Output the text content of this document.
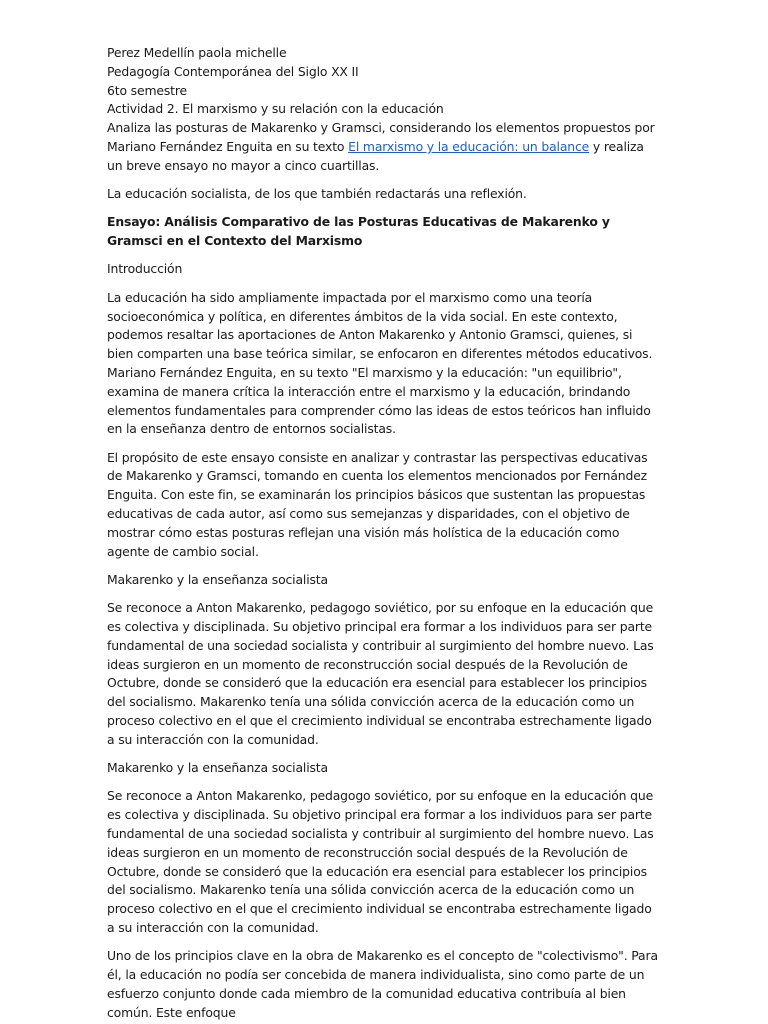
Perez Medellín paola michelle

Pedagogía Contemporánea del Siglo XX II

6to semestre

Actividad 2. El marxismo y su relación con la educación

Analiza las posturas de Makarenko y Gramsci, considerando los elementos propuestos por Mariano Fernández Enguita en su texto El marxismo y la educación: un balance y realiza un breve ensayo no mayor a cinco cuartillas.

La educación socialista, de los que también redactarás una reflexión.

Ensayo: Análisis Comparativo de las Posturas Educativas de Makarenko y Gramsci en el Contexto del Marxismo

Introducción

La educación ha sido ampliamente impactada por el marxismo como una teoría socioeconómica y política, en diferentes ámbitos de la vida social. En este contexto, podemos resaltar las aportaciones de Anton Makarenko y Antonio Gramsci, quienes, si bien comparten una base teórica similar, se enfocaron en diferentes métodos educativos. Mariano Fernández Enguita, en su texto "El marxismo y la educación: "un equilibrio", examina de manera crítica la interacción entre el marxismo y la educación, brindando elementos fundamentales para comprender cómo las ideas de estos teóricos han influido en la enseñanza dentro de entornos socialistas.

El propósito de este ensayo consiste en analizar y contrastar las perspectivas educativas de Makarenko y Gramsci, tomando en cuenta los elementos mencionados por Fernández Enguita. Con este fin, se examinarán los principios básicos que sustentan las propuestas educativas de cada autor, así como sus semejanzas y disparidades, con el objetivo de mostrar cómo estas posturas reflejan una visión más holística de la educación como agente de cambio social.

Makarenko y la enseñanza socialista

Se reconoce a Anton Makarenko, pedagogo soviético, por su enfoque en la educación que es colectiva y disciplinada. Su objetivo principal era formar a los individuos para ser parte fundamental de una sociedad socialista y contribuir al surgimiento del hombre nuevo. Las ideas surgieron en un momento de reconstrucción social después de la Revolución de Octubre, donde se consideró que la educación era esencial para establecer los principios del socialismo. Makarenko tenía una sólida convicción acerca de la educación como un proceso colectivo en el que el crecimiento individual se encontraba estrechamente ligado a su interacción con la comunidad.

Makarenko y la enseñanza socialista

Se reconoce a Anton Makarenko, pedagogo soviético, por su enfoque en la educación que es colectiva y disciplinada. Su objetivo principal era formar a los individuos para ser parte fundamental de una sociedad socialista y contribuir al surgimiento del hombre nuevo. Las ideas surgieron en un momento de reconstrucción social después de la Revolución de Octubre, donde se consideró que la educación era esencial para establecer los principios del socialismo. Makarenko tenía una sólida convicción acerca de la educación como un proceso colectivo en el que el crecimiento individual se encontraba estrechamente ligado a su interacción con la comunidad.

Uno de los principios clave en la obra de Makarenko es el concepto de "colectivismo". Para él, la educación no podía ser concebida de manera individualista, sino como parte de un esfuerzo conjunto donde cada miembro de la comunidad educativa contribuía al bien común. Este enfoque
